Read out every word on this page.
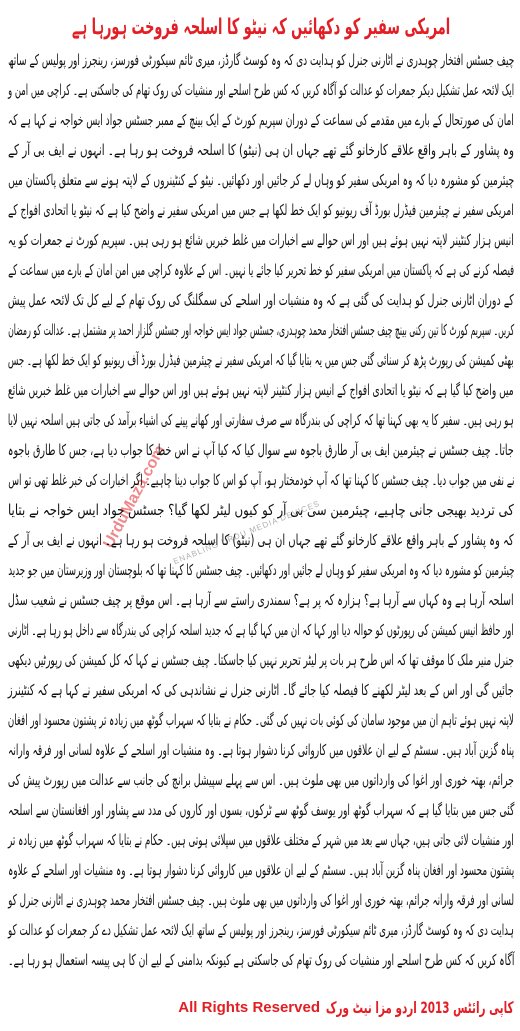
امریکی سفیر کو دکھائیں کہ نیٹو کا اسلحہ فروخت ہورہا ہے
UrduMaza.com ENABLING URDU MEDIA DEVICES
چیف جسٹس افتخار چوہدری نے اٹارنی جنرل کو ہدایت دی کہ وہ کوسٹ گارڈز، میری ٹائم سیکورٹی فورسز، رینجرز اور پولیس کے ساتھ
ایک لائحہ عمل تشکیل دیکر جمعرات کو عدالت کو آگاہ کریں کہ کس طرح اسلحے اور منشیات کی روک تھام کی جاسکتی ہے۔ کراچی میں امن و
امان کی صورتحال کے بارے میں مقدمے کی سماعت کے دوران سپریم کورٹ کے ایک بینچ کے ممبر جسٹس جواد ایس خواجہ نے کہا ہے کہ
وہ پشاور کے باہر واقع علاقے کارخانو گئے تھے جہاں ان ہی (نیٹو) کا اسلحہ فروخت ہو رہا ہے۔ انہوں نے ایف بی آر کے
چیئرمین کو مشورہ دیا کہ وہ امریکی سفیر کو وہاں لے کر جائیں اور دکھائیں۔ نیٹو کے کنٹینروں کے لاپتہ ہونے سے متعلق پاکستان میں
امریکی سفیر نے چیئرمین فیڈرل بورڈ آف ریونیو کو ایک خط لکھا ہے جس میں امریکی سفیر نے واضح کیا ہے کہ نیٹو یا اتحادی افواج کے
انیس ہزار کنٹینر لاپتہ نہیں ہوئے ہیں اور اس حوالے سے اخبارات میں غلط خبریں شائع ہو رہی ہیں۔ سپریم کورٹ نے جمعرات کو یہ
فیصلہ کرنے کی ہے کہ پاکستان میں امریکی سفیر کو خط تحریر کیا جائے یا نہیں۔ اس کے علاوہ کراچی میں امن امان کے بارے میں سماعت کے
کے دوران اٹارنی جنرل کو ہدایت کی گئی ہے کہ وہ منشیات اور اسلحے کی سمگلنگ کی روک تھام کے لیے کل تک لائحہ عمل پیش
کریں۔ سپریم کورٹ کا تین رکنی بینچ چیف جسٹس افتخار محمد چوہدری، جسٹس جواد ایس خواجہ اور جسٹس گلزار احمد پر مشتمل ہے۔ عدالت کو رمضان
بھٹی کمیشن کی رپورٹ پڑھ کر سنائی گئی جس میں یہ بتایا گیا کہ امریکی سفیر نے چیئرمین فیڈرل بورڈ آف ریونیو کو ایک خط لکھا ہے۔ جس
میں واضح کیا گیا ہے کہ نیٹو یا اتحادی افواج کے انیس ہزار کنٹینر لاپتہ نہیں ہوئے ہیں اور اس حوالے سے اخبارات میں غلط خبریں شائع
ہو رہی ہیں۔ سفیر کا یہ بھی کہنا تھا کہ کراچی کی بندرگاہ سے صرف سفارتی اور کھانے پینے کی اشیاء برآمد کی جاتی ہیں اسلحہ نہیں لایا
جاتا۔ چیف جسٹس نے چیئرمین ایف بی آر طارق باجوہ سے سوال کیا کہ کیا آپ نے اس خط کا جواب دیا ہے، جس کا طارق باجوہ
نے نفی میں جواب دیا۔ چیف جسٹس کا کہنا تھا کہ آپ خودمختار ہو، آپ کو اس کا جواب دینا چاہیے۔ اگر اخبارات کی خبر غلط تھی تو اس
کی تردید بھیجی جانی چاہیے، چیئرمین سی بی آر کو کیوں لیٹر لکھا گیا؟ جسٹس جواد ایس خواجہ نے بتایا
کہ وہ پشاور کے باہر واقع علاقے کارخانو گئے تھے جہاں ان ہی (نیٹو) کا اسلحہ فروخت ہو رہا ہے۔ انہوں نے ایف بی آر کے
چیئرمین کو مشورہ دیا کہ وہ امریکی سفیر کو وہاں لے جائیں اور دکھائیں۔ چیف جسٹس کا کہنا تھا کہ بلوچستان اور وزیرستان میں جو جدید
اسلحہ آرہا ہے وہ کہاں سے آرہا ہے؟ ہزارہ کہ پر ہے؟ سمندری راستے سے آرہا ہے۔ اس موقع پر چیف جسٹس نے شعیب سڈل
اور حافظ انیس کمیشن کی رپورٹوں کو حوالہ دیا اور کہا کہ ان میں کہا گیا ہے کہ جدید اسلحہ کراچی کی بندرگاہ سے داخل ہو رہا ہے۔ اٹارنی
جنرل منیر ملک کا موقف تھا کہ اس طرح ہر بات پر لیٹر تحریر نہیں کیا جاسکتا۔ چیف جسٹس نے کہا کہ کل کمیشن کی رپورٹیں دیکھی
جائیں گی اور اس کے بعد لیٹر لکھنے کا فیصلہ کیا جائے گا۔ اٹارنی جنرل نے نشاندہی کی کہ امریکی سفیر نے کہا ہے کہ کنٹینرز
لاپتہ نہیں ہوئے تاہم ان میں موجود سامان کی کوئی بات نہیں کی گئی۔ حکام نے بتایا کہ سہراب گوٹھ میں زیادہ تر پشتون محسود اور افغان
پناہ گزین آباد ہیں۔ سسٹم کے لیے ان علاقوں میں کاروائی کرنا دشوار ہوتا ہے۔ وہ منشیات اور اسلحے کے علاوہ لسانی اور فرقہ وارانہ
جرائم، بھتہ خوری اور اغوا کی وارداتوں میں بھی ملوث ہیں۔ اس سے پہلے سپیشل برانچ کی جانب سے عدالت میں رپورٹ پیش کی
گئی جس میں بتایا گیا ہے کہ سہراب گوٹھ اور یوسف گوٹھ سے ٹرکوں، بسوں اور کاروں کی مدد سے پشاور اور افغانستان سے اسلحہ
اور منشیات لائی جاتی ہیں، جہاں سے بعد میں شہر کے مختلف علاقوں میں سپلائی ہوتی ہیں۔ حکام نے بتایا کہ سہراب گوٹھ میں زیادہ تر
پشتون محسود اور افغان پناہ گزین آباد ہیں۔ سسٹم کے لیے ان علاقوں میں کاروائی کرنا دشوار ہوتا ہے۔ وہ منشیات اور اسلحے کے علاوہ
لسانی اور فرقہ وارانہ جرائم، بھتہ خوری اور اغوا کی وارداتوں میں بھی ملوث ہیں۔ چیف جسٹس افتخار محمد چوہدری نے اٹارنی جنرل کو
ہدایت دی کہ وہ کوسٹ گارڈز، میری ٹائم سیکورٹی فورسز، رینجرز اور پولیس کے ساتھ ایک لائحہ عمل تشکیل دے کر جمعرات کو عدالت کو
آگاہ کریں کہ کس طرح اسلحے اور منشیات کی روک تھام کی جاسکتی ہے کیونکہ بدامنی کے لیے ان کا ہی پیسہ استعمال ہو رہا ہے۔
All Rights Reserved کاپی رائٹس 2013 اردو مزا نیٹ ورک
